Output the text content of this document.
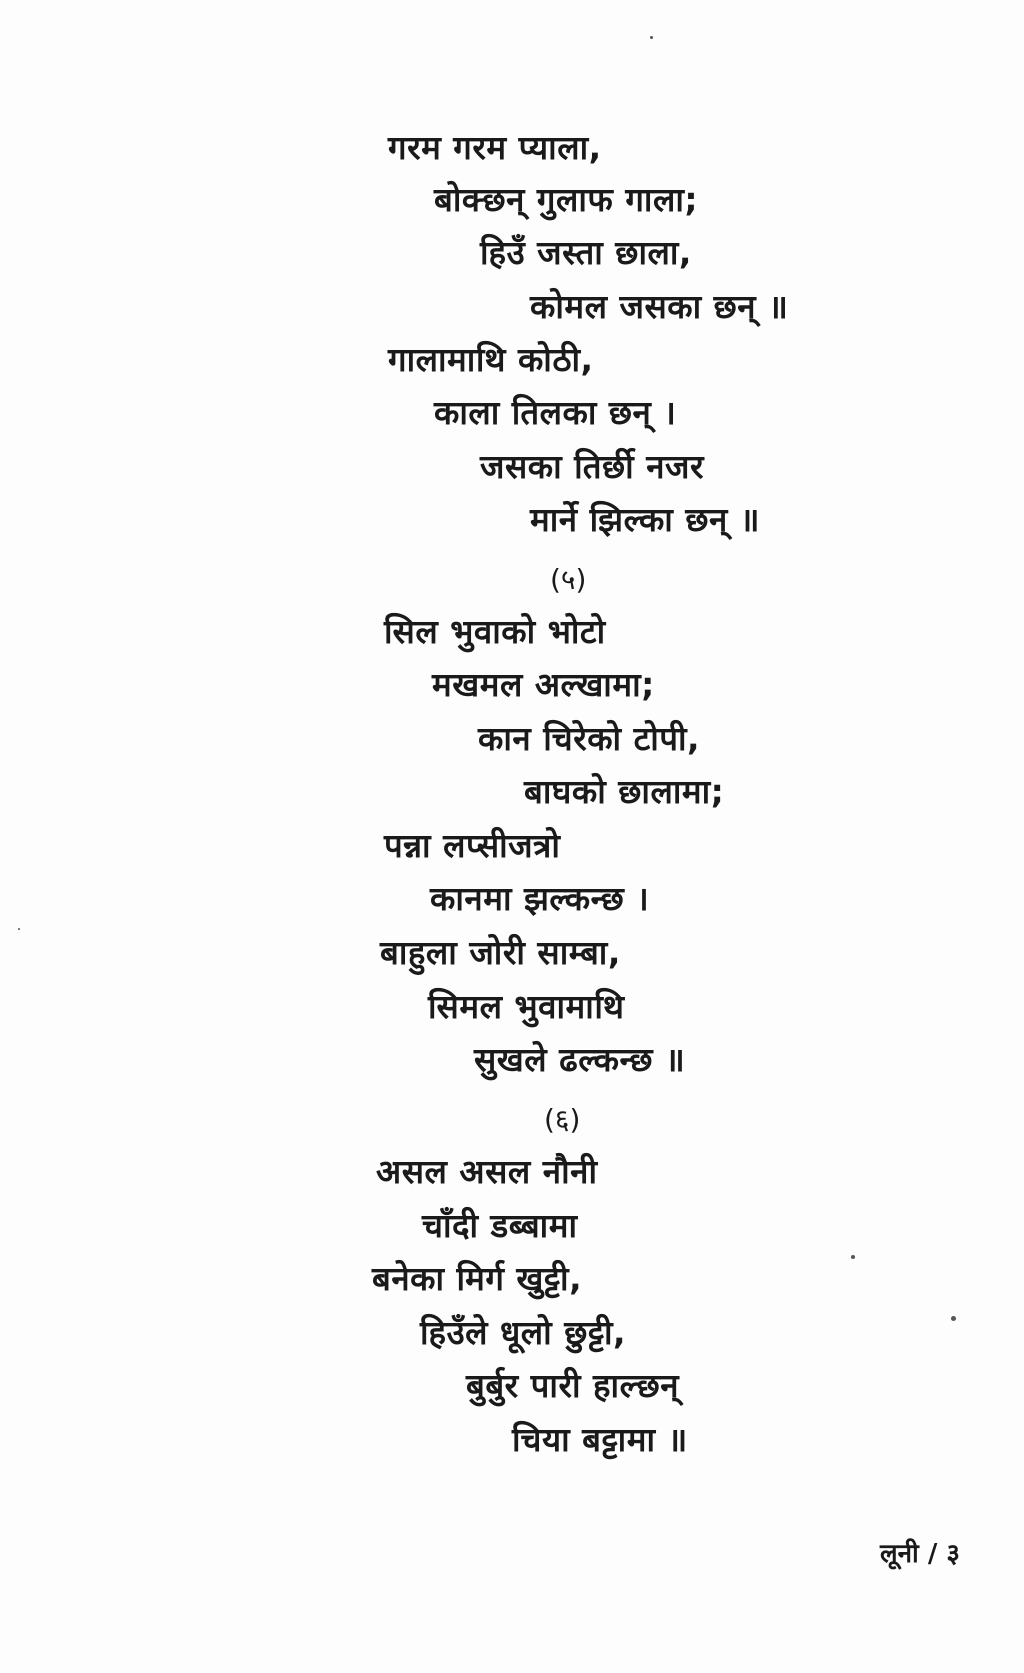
गरम गरम प्याला,
बोक्छन् गुलाफ गाला;
हिउँ जस्ता छाला,
कोमल जसका छन् ॥
गालामाथि कोठी,
काला तिलका छन् ।
जसका तिर्छी नजर
मार्ने झिल्का छन् ॥
(५)
सिल भुवाको भोटो
मखमल अल्खामा;
कान चिरेको टोपी,
बाघको छालामा;
पन्ना लप्सीजत्रो
कानमा झल्कन्छ ।
बाहुला जोरी साम्बा,
सिमल भुवामाथि
सुखले ढल्कन्छ ॥
(६)
असल असल नौनी
चाँदी डब्बामा
बनेका मिर्ग खुट्टी,
हिउँले धूलो छुट्टी,
बुर्बुर पारी हाल्छन्
चिया बट्टामा ॥
लूनी / ३
